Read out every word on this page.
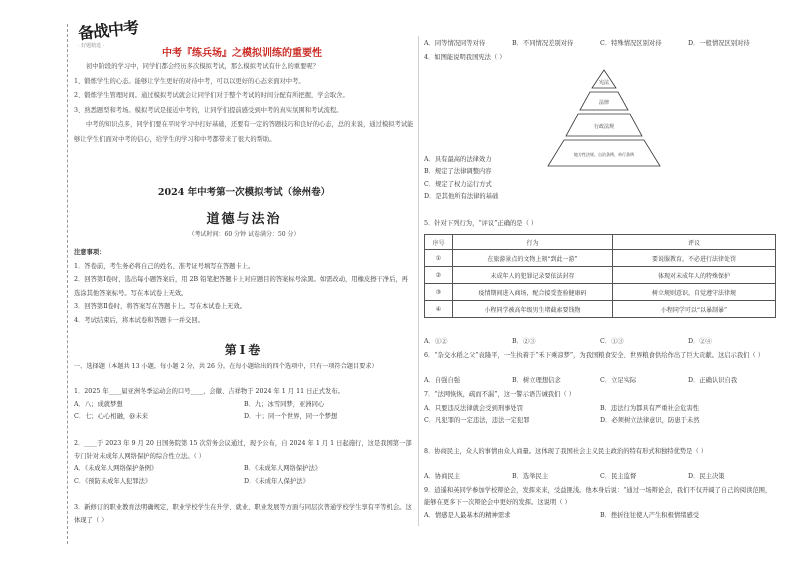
备战中考
· 好题精选 ·
中考『练兵场』之模拟训练的重要性

初中阶段的学习中，同学们都会经历多次模拟考试，那么模拟考试有什么的重要呢？

1、锻炼学生的心态。能够让学生更好的对待中考，可以以更好的心态来面对中考。

2、锻炼学生管理时间。通过模拟考试就会让同学们对于整个考试的时间分配有所把握，学会取舍。

3、熟悉题型和考场。模拟考试是接近中考的，让同学们提前感受到中考的真实氛围和考试流程。

中考的知识点多，同学们要在平时学习中打好基础，还要有一定的答题技巧和良好的心态，总的来说，通过模拟考试能够让学生们面对中考的信心，给学生的学习和中考都带来了很大的帮助。

2024 年中考第一次模拟考试（徐州卷）
道德与法治
（考试时间：60 分钟 试卷满分：50 分）
注意事项：
1．答卷前，考生务必将自己的姓名、准考证号填写在答题卡上。
2．回答第Ⅰ卷时，选出每小题答案后，用 2B 铅笔把答题卡上对应题目的答案标号涂黑。如需改动，用橡皮擦干净后，再选涂其他答案标号。写在本试卷上无效。
3．回答第Ⅱ卷时，将答案写在答题卡上。写在本试卷上无效。
4．考试结束后，将本试卷和答题卡一并交回。
第Ⅰ卷
一、选择题（本题共 13 小题，每小题 2 分，共 26 分。在每小题给出的四个选项中，只有一项符合题目要求）
1．2025 年____届亚洲冬季运动会的口号____，会徽、吉祥物于 2024 年 1 月 11 日正式发布。
A．八；成就梦想	B．九；冰雪同梦，亚洲同心
C．七；心心相融，@未来	D．十；同一个世界，同一个梦想
2．____于 2023 年 9 月 20 日国务院第 15 次常务会议通过，现予公布，自 2024 年 1 月 1 日起施行，这是我国第一部专门针对未成年人网络保护的综合性立法。（ ）
A．《未成年人网络保护条例》	B．《未成年人网络保护法》
C．《预防未成年人犯罪法》	D．《未成年人保护法》
3．新修订的职业教育法明确规定，职业学校学生在升学、就业、职业发展等方面与同层次普通学校学生享有平等机会。这体现了（ ）
A．同等情况同等对待	B．不同情况差别对待	C．特殊情况区别对待	D．一般情况区别对待
4．如图能说明我国宪法（ ）
宪法
法律
行政法规
地方性法规、自治条例、单行条例
A．具有最高的法律效力
B．规定了法律调整内容
C．规定了权力运行方式
D．是其他所有法律的基础
5．针对下列行为，“评议”正确的是（ ）
序号	行为	评议
①	在旅游景点的文物上刻“到此一游”	要说服教育，不必进行法律处罚
②	未成年人的犯罪记录要依法封存	体现对未成年人的特殊保护
③	疫情期间进入商场，配合接受查验健康码	树立规则意识，自觉遵守法律规
④	小程同学被高年级男生堵截索要钱物	小程同学可以“以暴制暴”
A．①②	B．②③	C．①③	D．②④
6．“杂交水稻之父”袁隆平，一生执着于“禾下乘凉梦”，为我国粮食安全、世界粮食供给作出了巨大贡献。这启示我们（ ）
A．自强自强	B．树立理想信念	C．立足实际	D．正确认识自我
7．“法网恢恢，疏而不漏”，这一警示语告诫我们（ ）
A．只要违反法律就会受到刑事处罚	B．违法行为都具有严重社会危害性
C．凡犯罪的一定违法，违法一定犯罪	D．必须树立法律意识，防患于未然
8．协商民主，众人的事情由众人商量。这体现了我国社会主义民主政治的特有形式和独特优势是（ ）
A．协商民主	B．选举民主	C．民主监督	D．民主决策
9．逍遥和英同学参加学校辩论会，发挥来来，受益匪浅。他本身后说：“通过一场辩论会，我们不仅开阔了自己的阅读范围，能够在更多下一次辩论会中更好的发挥。这说明（ ）
A．情感是人最基本的精神需求	B．挫折往往使人产生积极情绪感受
